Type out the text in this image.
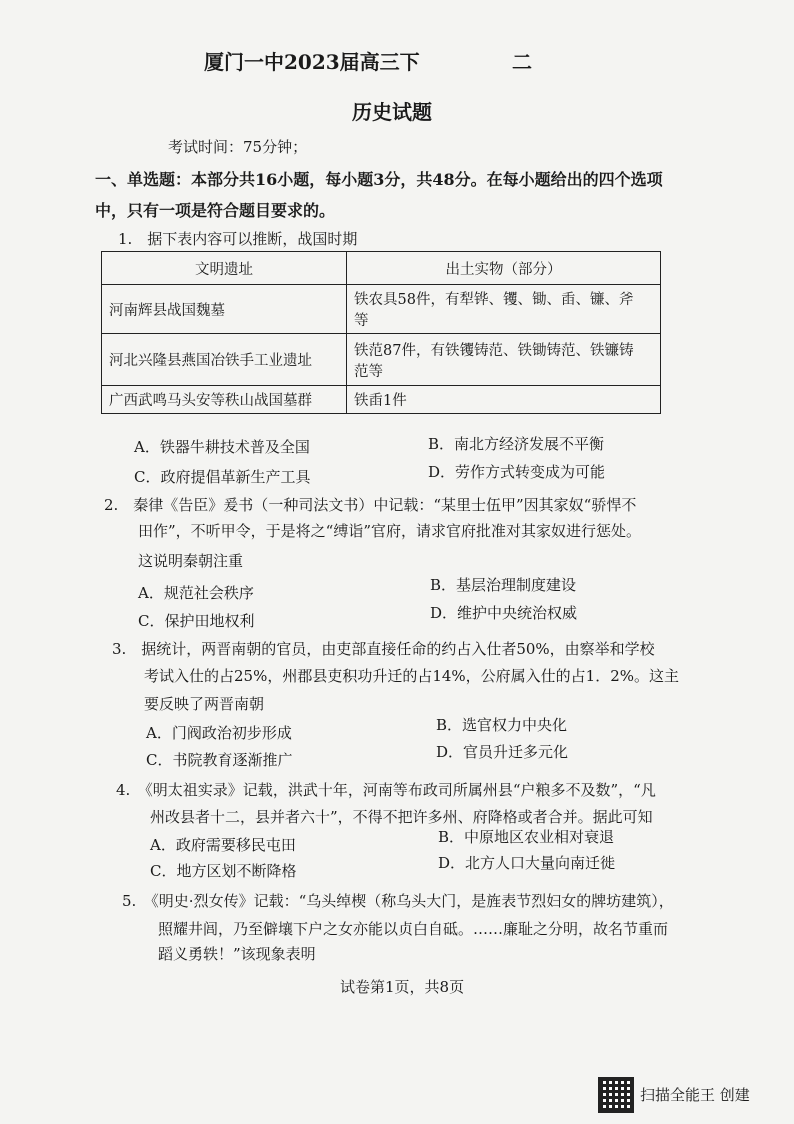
厦门一中2023届高三下	二
历史试题
考试时间：75分钟；
一、单选题：本部分共16小题，每小题3分，共48分。在每小题给出的四个选项
中，只有一项是符合题目要求的。
1.　据下表内容可以推断，战国时期
文明遗址	出土实物（部分）
河南辉县战国魏墓	铁农具58件，有犁铧、䦆、锄、臿、镰、斧
等

河北兴隆县燕国冶铁手工业遗址	铁范87件，有铁䦆铸范、铁锄铸范、铁镰铸
范等

广西武鸣马头安等秩山战国墓群	铁臿1件
A．铁器牛耕技术普及全国	B．南北方经济发展不平衡
C．政府提倡革新生产工具	D．劳作方式转变成为可能
2.　秦律《告臣》爰书（一种司法文书）中记载：“某里士伍甲”因其家奴“骄悍不
田作”，不听甲令，于是将之“缚诣”官府，请求官府批准对其家奴进行惩处。
这说明秦朝注重
A．规范社会秩序	B．基层治理制度建设
C．保护田地权利	D．维护中央统治权威
3.　据统计，两晋南朝的官员，由吏部直接任命的约占入仕者50%，由察举和学校
考试入仕的占25%，州郡县吏积功升迁的占14%，公府属入仕的占1．2%。这主
要反映了两晋南朝
A．门阀政治初步形成	B．选官权力中央化
C．书院教育逐渐推广	D．官员升迁多元化
4.　《明太祖实录》记载，洪武十年，河南等布政司所属州县“户粮多不及数”，“凡
州改县者十二，县并者六十”，不得不把许多州、府降格或者合并。据此可知
A．政府需要移民屯田	B．中原地区农业相对衰退
C．地方区划不断降格	D．北方人口大量向南迁徙
5.　《明史·烈女传》记载：“乌头绰楔（称乌头大门，是旌表节烈妇女的牌坊建筑），
照耀井闾，乃至僻壤下户之女亦能以贞白自砥。……廉耻之分明，故名节重而
蹈义勇轶！”该现象表明
试卷第1页，共8页
扫描全能王 创建
